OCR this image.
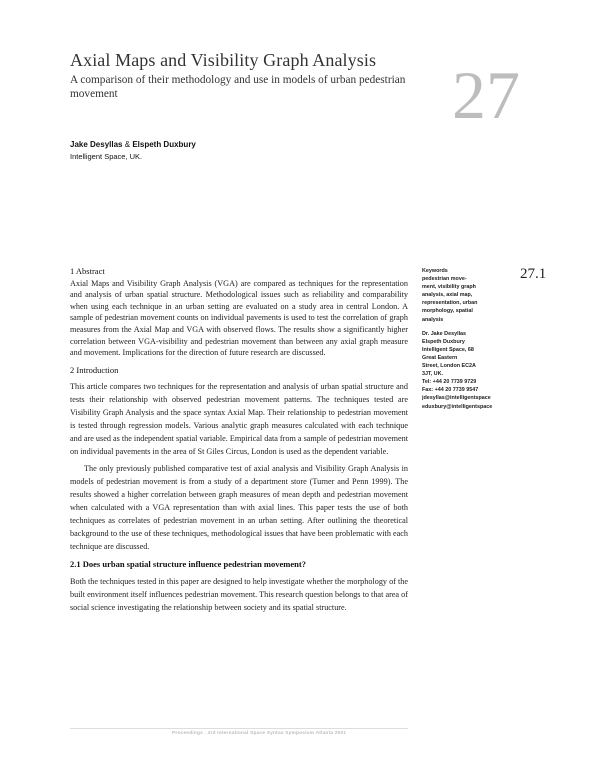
Axial Maps and Visibility Graph Analysis
A comparison of their methodology and use in models of urban pedestrian movement	27
Jake Desyllas & Elspeth Duxbury
Intelligent Space, UK.
Keywords
pedestrian move-
ment, visibility graph
analysis, axial map,
representation, urban
morphology, spatial
analysis
Dr. Jake Desyllas
Elspeth Duxbury
Intelligent Space, 68
Great Eastern
Street, London EC2A
3JT, UK.
Tel: +44 20 7739 9729
Fax: +44 20 7739 9547
jdesyllas@intelligentspace
eduxbury@intelligentspace
27.1

1 Abstract

Axial Maps and Visibility Graph Analysis (VGA) are compared as techniques for the representation and analysis of urban spatial structure. Methodological issues such as reliability and comparability when using each technique in an urban setting are evaluated on a study area in central London. A sample of pedestrian movement counts on individual pavements is used to test the correlation of graph measures from the Axial Map and VGA with observed flows. The results show a significantly higher correlation between VGA-visibility and pedestrian movement than between any axial graph measure and movement. Implications for the direction of future research are discussed.

2 Introduction

This article compares two techniques for the representation and analysis of urban spatial structure and tests their relationship with observed pedestrian movement patterns. The techniques tested are Visibility Graph Analysis and the space syntax Axial Map. Their relationship to pedestrian movement is tested through regression models. Various analytic graph measures calculated with each technique and are used as the independent spatial variable. Empirical data from a sample of pedestrian movement on individual pavements in the area of St Giles Circus, London is used as the dependent variable.

The only previously published comparative test of axial analysis and Visibility Graph Analysis in models of pedestrian movement is from a study of a department store (Turner and Penn 1999). The results showed a higher correlation between graph measures of mean depth and pedestrian movement when calculated with a VGA representation than with axial lines. This paper tests the use of both techniques as correlates of pedestrian movement in an urban setting. After outlining the theoretical background to the use of these techniques, methodological issues that have been problematic with each technique are discussed.

2.1 Does urban spatial structure influence pedestrian movement?

Both the techniques tested in this paper are designed to help investigate whether the morphology of the built environment itself influences pedestrian movement. This research question belongs to that area of social science investigating the relationship between society and its spatial structure.

Proceedings . 3rd International Space Syntax Symposium Atlanta 2001
